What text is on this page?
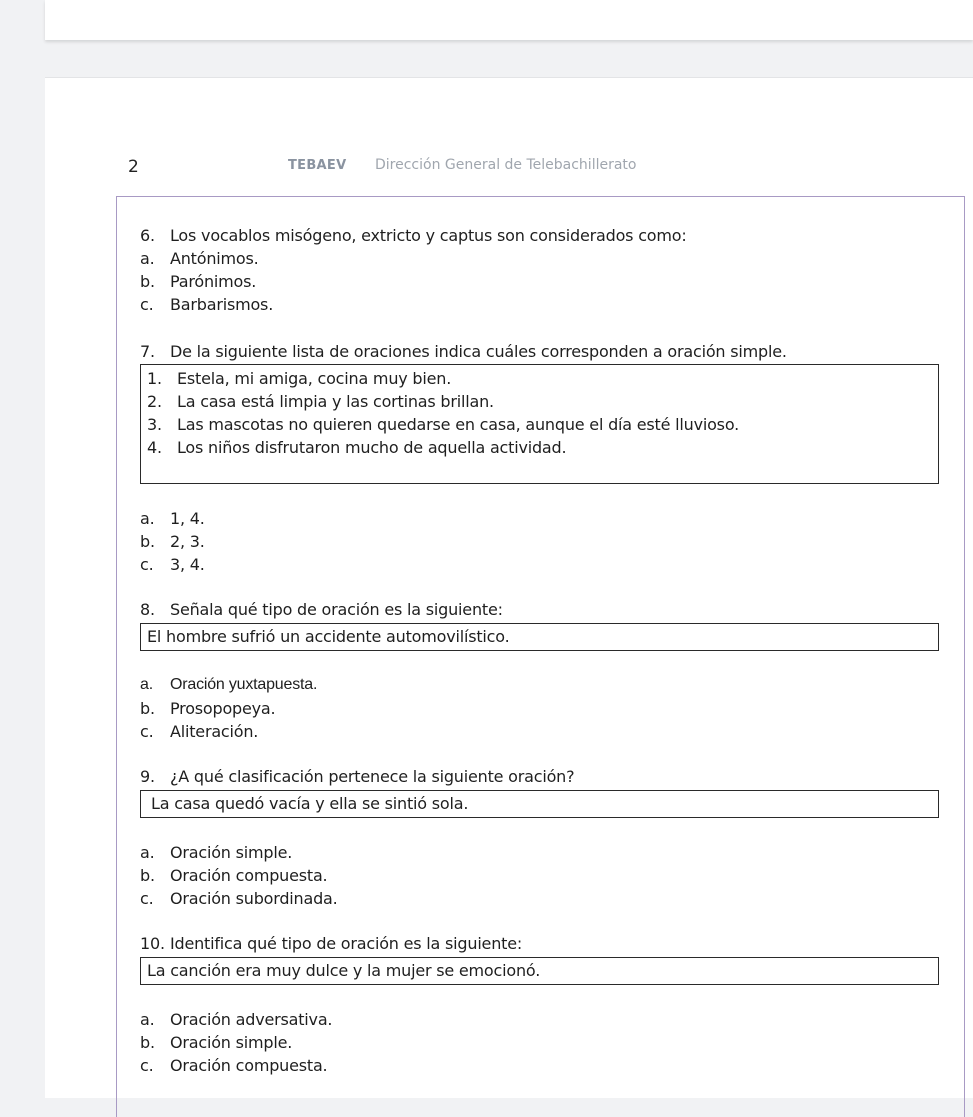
2	TEBAEV Dirección General de Telebachillerato
6. Los vocablos misógeno, extricto y captus son considerados como:
a. Antónimos.
b. Parónimos.
c. Barbarismos.
7. De la siguiente lista de oraciones indica cuáles corresponden a oración simple.
1. Estela, mi amiga, cocina muy bien.
2. La casa está limpia y las cortinas brillan.
3. Las mascotas no quieren quedarse en casa, aunque el día esté lluvioso.
4. Los niños disfrutaron mucho de aquella actividad.
a. 1, 4.
b. 2, 3.
c. 3, 4.
8. Señala qué tipo de oración es la siguiente:
El hombre sufrió un accidente automovilístico.
a. Oración yuxtapuesta.
b. Prosopopeya.
c. Aliteración.
9. ¿A qué clasificación pertenece la siguiente oración?
La casa quedó vacía y ella se sintió sola.
a. Oración simple.
b. Oración compuesta.
c. Oración subordinada.
10. Identifica qué tipo de oración es la siguiente:
La canción era muy dulce y la mujer se emocionó.
a. Oración adversativa.
b. Oración simple.
c. Oración compuesta.
